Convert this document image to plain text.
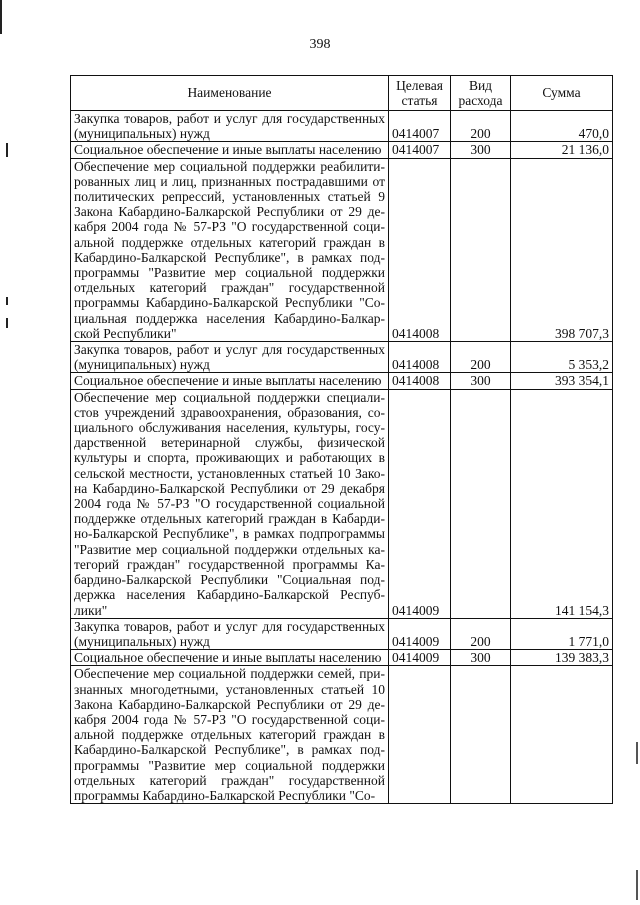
398
Наименование	Целевая статья	Вид расхода	Сумма
Закупка товаров, работ и услуг для государственных (муниципальных) нужд	0414007	200	470,0
Социальное обеспечение и иные выплаты населению	0414007	300	21 136,0
Обеспечение мер социальной поддержки реабилити-рованных лиц и лиц, признанных пострадавшими от политических репрессий, установленных статьей 9 Закона Кабардино-Балкарской Республики от 29 де-кабря 2004 года № 57-РЗ "О государственной соци-альной поддержке отдельных категорий граждан в Кабардино-Балкарской Республике", в рамках под-программы "Развитие мер социальной поддержки отдельных категорий граждан" государственной программы Кабардино-Балкарской Республики "Со-циальная поддержка населения Кабардино-Балкар-ской Республики"	0414008		398 707,3
Закупка товаров, работ и услуг для государственных (муниципальных) нужд	0414008	200	5 353,2
Социальное обеспечение и иные выплаты населению	0414008	300	393 354,1
Обеспечение мер социальной поддержки специали-стов учреждений здравоохранения, образования, со-циального обслуживания населения, культуры, госу-дарственной ветеринарной службы, физической культуры и спорта, проживающих и работающих в сельской местности, установленных статьей 10 Зако-на Кабардино-Балкарской Республики от 29 декабря 2004 года № 57-РЗ "О государственной социальной поддержке отдельных категорий граждан в Кабарди-но-Балкарской Республике", в рамках подпрограммы "Развитие мер социальной поддержки отдельных ка-тегорий граждан" государственной программы Ка-бардино-Балкарской Республики "Социальная под-держка населения Кабардино-Балкарской Респуб-лики"	0414009		141 154,3
Закупка товаров, работ и услуг для государственных (муниципальных) нужд	0414009	200	1 771,0
Социальное обеспечение и иные выплаты населению	0414009	300	139 383,3
Обеспечение мер социальной поддержки семей, при-знанных многодетными, установленных статьей 10 Закона Кабардино-Балкарской Республики от 29 де-кабря 2004 года № 57-РЗ "О государственной соци-альной поддержке отдельных категорий граждан в Кабардино-Балкарской Республике", в рамках под-программы "Развитие мер социальной поддержки отдельных категорий граждан" государственной программы Кабардино-Балкарской Республики "Со-			
